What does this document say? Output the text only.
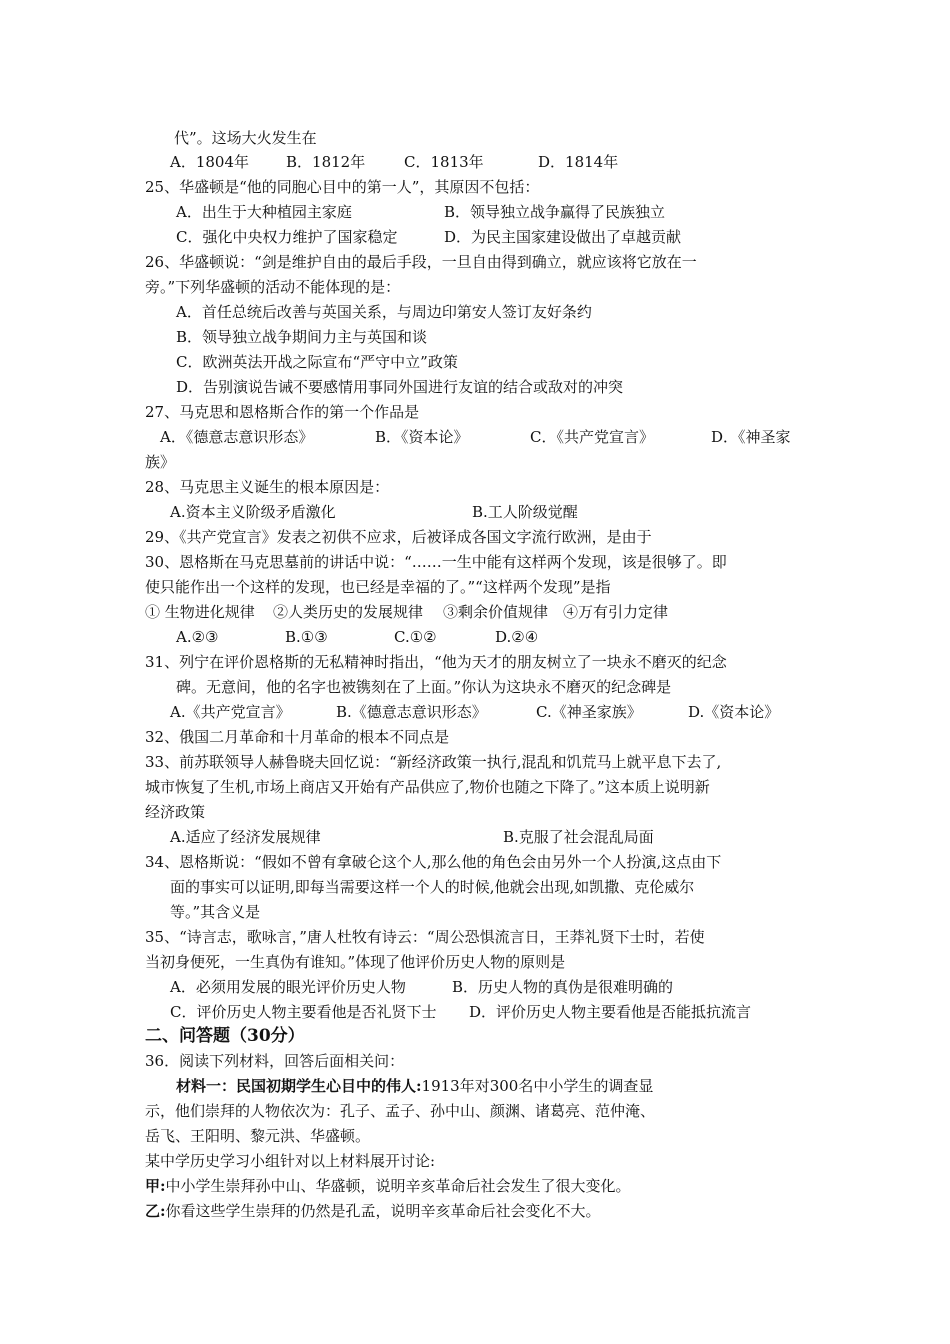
代”。这场大火发生在
A．1804年 B．1812年	C．1813年	D．1814年
25、华盛顿是“他的同胞心目中的第一人”，其原因不包括：
A．出生于大种植园主家庭	B．领导独立战争赢得了民族独立
C．强化中央权力维护了国家稳定	D．为民主国家建设做出了卓越贡献
26、华盛顿说：“剑是维护自由的最后手段，一旦自由得到确立，就应该将它放在一
旁。”下列华盛顿的活动不能体现的是：
A．首任总统后改善与英国关系，与周边印第安人签订友好条约
B．领导独立战争期间力主与英国和谈
C．欧洲英法开战之际宣布“严守中立”政策
D．告别演说告诫不要感情用事同外国进行友谊的结合或敌对的冲突
27、马克思和恩格斯合作的第一个作品是
A．《德意志意识形态》	B．《资本论》	C．《共产党宣言》	D．《神圣家
族》
28、马克思主义诞生的根本原因是：
A.资本主义阶级矛盾激化	B.工人阶级觉醒
29、《共产党宣言》发表之初供不应求，后被译成各国文字流行欧洲，是由于
30、恩格斯在马克思墓前的讲话中说：“……一生中能有这样两个发现，该是很够了。即
使只能作出一个这样的发现，也已经是幸福的了。”“这样两个发现”是指
① 生物进化规律 ②人类历史的发展规律 ③剩余价值规律 ④万有引力定律
A.②③	B.①③	C.①②	D.②④
31、列宁在评价恩格斯的无私精神时指出，“他为天才的朋友树立了一块永不磨灭的纪念
碑。无意间，他的名字也被镌刻在了上面。”你认为这块永不磨灭的纪念碑是
A.《共产党宣言》	B.《德意志意识形态》	C.《神圣家族》	D.《资本论》
32、俄国二月革命和十月革命的根本不同点是
33、前苏联领导人赫鲁晓夫回忆说：“新经济政策一执行,混乱和饥荒马上就平息下去了,
城市恢复了生机,市场上商店又开始有产品供应了,物价也随之下降了。”这本质上说明新
经济政策
A.适应了经济发展规律	B.克服了社会混乱局面
34、恩格斯说：“假如不曾有拿破仑这个人,那么他的角色会由另外一个人扮演,这点由下
面的事实可以证明,即每当需要这样一个人的时候,他就会出现,如凯撒、克伦威尔
等。”其含义是
35、“诗言志，歌咏言，”唐人杜牧有诗云：“周公恐惧流言日，王莽礼贤下士时，若使
当初身便死，一生真伪有谁知。”体现了他评价历史人物的原则是
A．必须用发展的眼光评价历史人物	B．历史人物的真伪是很难明确的
C．评价历史人物主要看他是否礼贤下士 D．评价历史人物主要看他是否能抵抗流言
二、问答题（30分）
36．阅读下列材料，回答后面相关问：
材料一：民国初期学生心目中的伟人:1913年对300名中小学生的调查显
示，他们崇拜的人物依次为：孔子、孟子、孙中山、颜渊、诸葛亮、范仲淹、
岳飞、王阳明、黎元洪、华盛顿。
某中学历史学习小组针对以上材料展开讨论:
甲:中小学生崇拜孙中山、华盛顿，说明辛亥革命后社会发生了很大变化。
乙:你看这些学生崇拜的仍然是孔孟，说明辛亥革命后社会变化不大。
